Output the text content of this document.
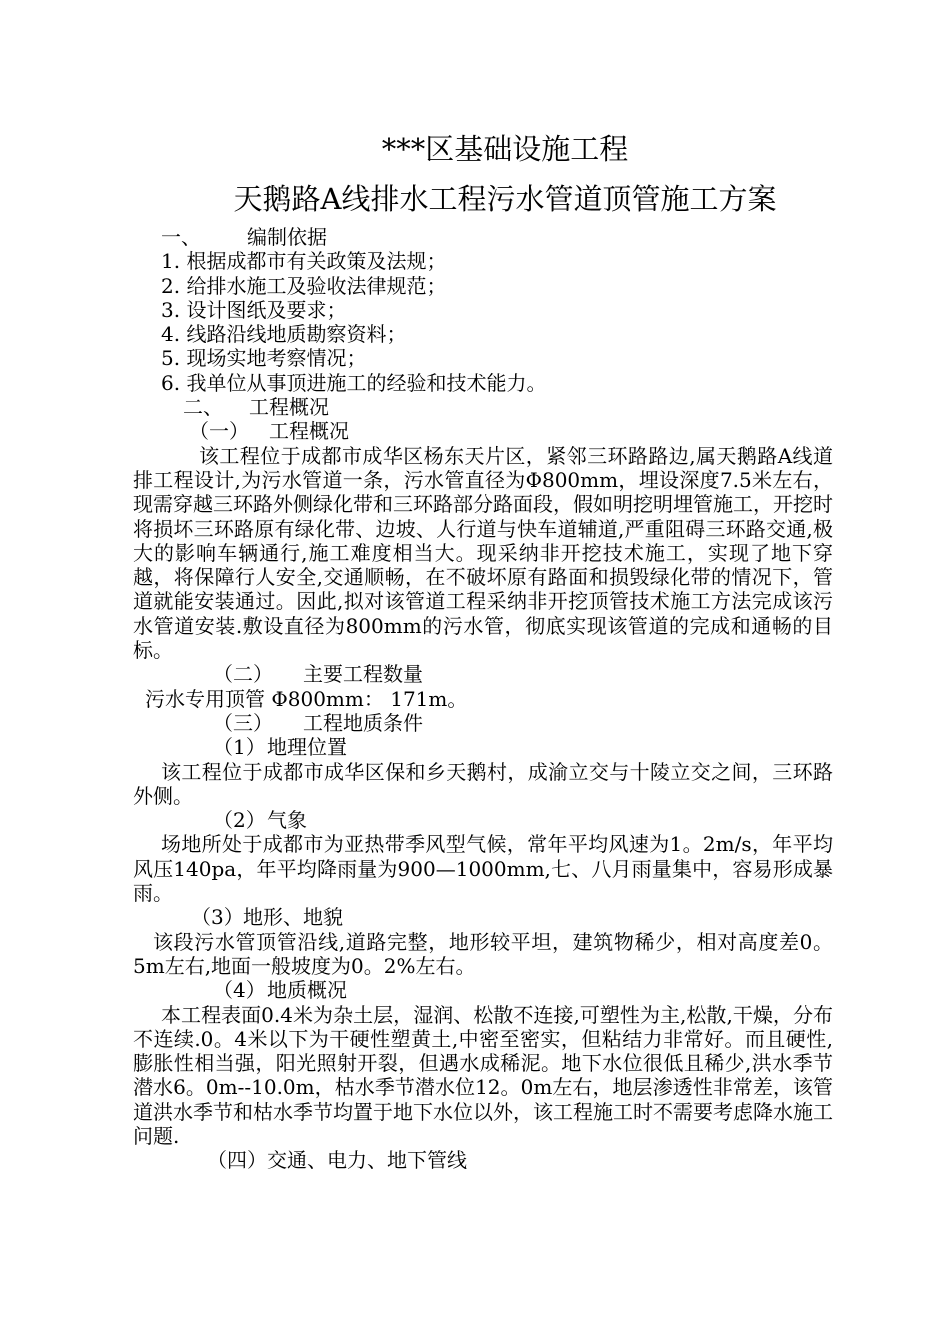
***区基础设施工程
天鹅路A线排水工程污水管道顶管施工方案
一、	编制依据
1. 根据成都市有关政策及法规；
2. 给排水施工及验收法律规范；
3. 设计图纸及要求；
4. 线路沿线地质勘察资料；
5. 现场实地考察情况；
6. 我单位从事顶进施工的经验和技术能力。
二、	工程概况
（一）	工程概况
该工程位于成都市成华区杨东天片区，紧邻三环路路边,属天鹅路A线道排工程设计,为污水管道一条，污水管直径为Φ800mm，埋设深度7.5米左右，现需穿越三环路外侧绿化带和三环路部分路面段，假如明挖明埋管施工，开挖时将损坏三环路原有绿化带、边坡、人行道与快车道辅道,严重阻碍三环路交通,极大的影响车辆通行,施工难度相当大。现采纳非开挖技术施工，实现了地下穿越，将保障行人安全,交通顺畅，在不破坏原有路面和损毁绿化带的情况下，管道就能安装通过。因此,拟对该管道工程采纳非开挖顶管技术施工方法完成该污水管道安装.敷设直径为800mm的污水管，彻底实现该管道的完成和通畅的目标。
（二）	主要工程数量
污水专用顶管 Φ800mm： 171m。
（三）	工程地质条件
（1） 地理位置
该工程位于成都市成华区保和乡天鹅村，成渝立交与十陵立交之间，三环路外侧。
（2） 气象
场地所处于成都市为亚热带季风型气候，常年平均风速为1。2m/s，年平均风压140pa，年平均降雨量为900—1000mm,七、八月雨量集中，容易形成暴雨。
（3） 地形、地貌
该段污水管顶管沿线,道路完整，地形较平坦，建筑物稀少，相对高度差0。5m左右,地面一般坡度为0。2%左右。
（4） 地质概况
本工程表面0.4米为杂土层，湿润、松散不连接,可塑性为主,松散,干燥，分布不连续.0。4米以下为干硬性塑黄土,中密至密实，但粘结力非常好。而且硬性,膨胀性相当强，阳光照射开裂，但遇水成稀泥。地下水位很低且稀少,洪水季节潜水6。0m--10.0m，枯水季节潜水位12。0m左右，地层渗透性非常差，该管道洪水季节和枯水季节均置于地下水位以外，该工程施工时不需要考虑降水施工问题.
（四） 交通、电力、地下管线
